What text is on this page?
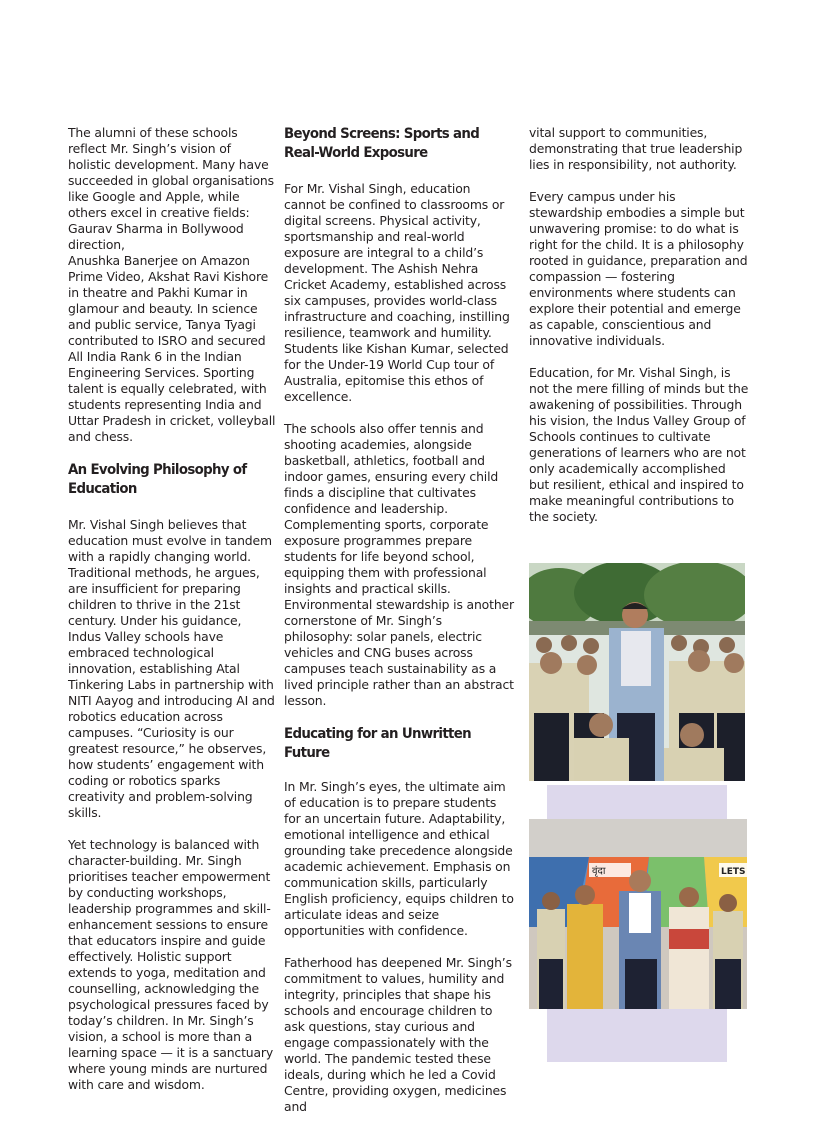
The alumni of these schools reflect Mr. Singh’s vision of holistic development. Many have succeeded in global organisations like Google and Apple, while others excel in creative fields: Gaurav Sharma in Bollywood direction,

Anushka Banerjee on Amazon Prime Video, Akshat Ravi Kishore in theatre and Pakhi Kumar in glamour and beauty. In science and public service, Tanya Tyagi contributed to ISRO and secured All India Rank 6 in the Indian Engineering Services. Sporting talent is equally celebrated, with students representing India and Uttar Pradesh in cricket, volleyball and chess.

An Evolving Philosophy of Education

Mr. Vishal Singh believes that education must evolve in tandem with a rapidly changing world. Traditional methods, he argues, are insufficient for preparing children to thrive in the 21st century. Under his guidance, Indus Valley schools have embraced technological innovation, establishing Atal Tinkering Labs in partnership with NITI Aayog and introducing AI and robotics education across campuses. “Curiosity is our greatest resource,” he observes, how students’ engagement with coding or robotics sparks creativity and problem-solving skills.

Yet technology is balanced with character-building. Mr. Singh prioritises teacher empowerment by conducting workshops, leadership programmes and skill-enhancement sessions to ensure that educators inspire and guide effectively. Holistic support extends to yoga, meditation and counselling, acknowledging the psychological pressures faced by today’s children. In Mr. Singh’s vision, a school is more than a learning space — it is a sanctuary where young minds are nurtured with care and wisdom.

Beyond Screens: Sports and Real-World Exposure

For Mr. Vishal Singh, education cannot be confined to classrooms or digital screens. Physical activity, sportsmanship and real-world exposure are integral to a child’s development. The Ashish Nehra Cricket Academy, established across six campuses, provides world-class infrastructure and coaching, instilling resilience, teamwork and humility. Students like Kishan Kumar, selected for the Under-19 World Cup tour of Australia, epitomise this ethos of excellence.

The schools also offer tennis and shooting academies, alongside basketball, athletics, football and indoor games, ensuring every child finds a discipline that cultivates confidence and leadership. Complementing sports, corporate exposure programmes prepare students for life beyond school, equipping them with professional insights and practical skills. Environmental stewardship is another cornerstone of Mr. Singh’s philosophy: solar panels, electric vehicles and CNG buses across campuses teach sustainability as a lived principle rather than an abstract lesson.

Educating for an Unwritten Future

In Mr. Singh’s eyes, the ultimate aim of education is to prepare students for an uncertain future. Adaptability, emotional intelligence and ethical grounding take precedence alongside academic achievement. Emphasis on communication skills, particularly English proficiency, equips children to articulate ideas and seize opportunities with confidence.

Fatherhood has deepened Mr. Singh’s commitment to values, humility and integrity, principles that shape his schools and encourage children to ask questions, stay curious and engage compassionately with the world. The pandemic tested these ideals, during which he led a Covid Centre, providing oxygen, medicines and

vital support to communities, demonstrating that true leadership lies in responsibility, not authority.

Every campus under his stewardship embodies a simple but unwavering promise: to do what is right for the child. It is a philosophy rooted in guidance, preparation and compassion — fostering environments where students can explore their potential and emerge as capable, conscientious and innovative individuals.

Education, for Mr. Vishal Singh, is not the mere filling of minds but the awakening of possibilities. Through his vision, the Indus Valley Group of Schools continues to cultivate generations of learners who are not only academically accomplished but resilient, ethical and inspired to make meaningful contributions to the society.

वृंदा	LETS
